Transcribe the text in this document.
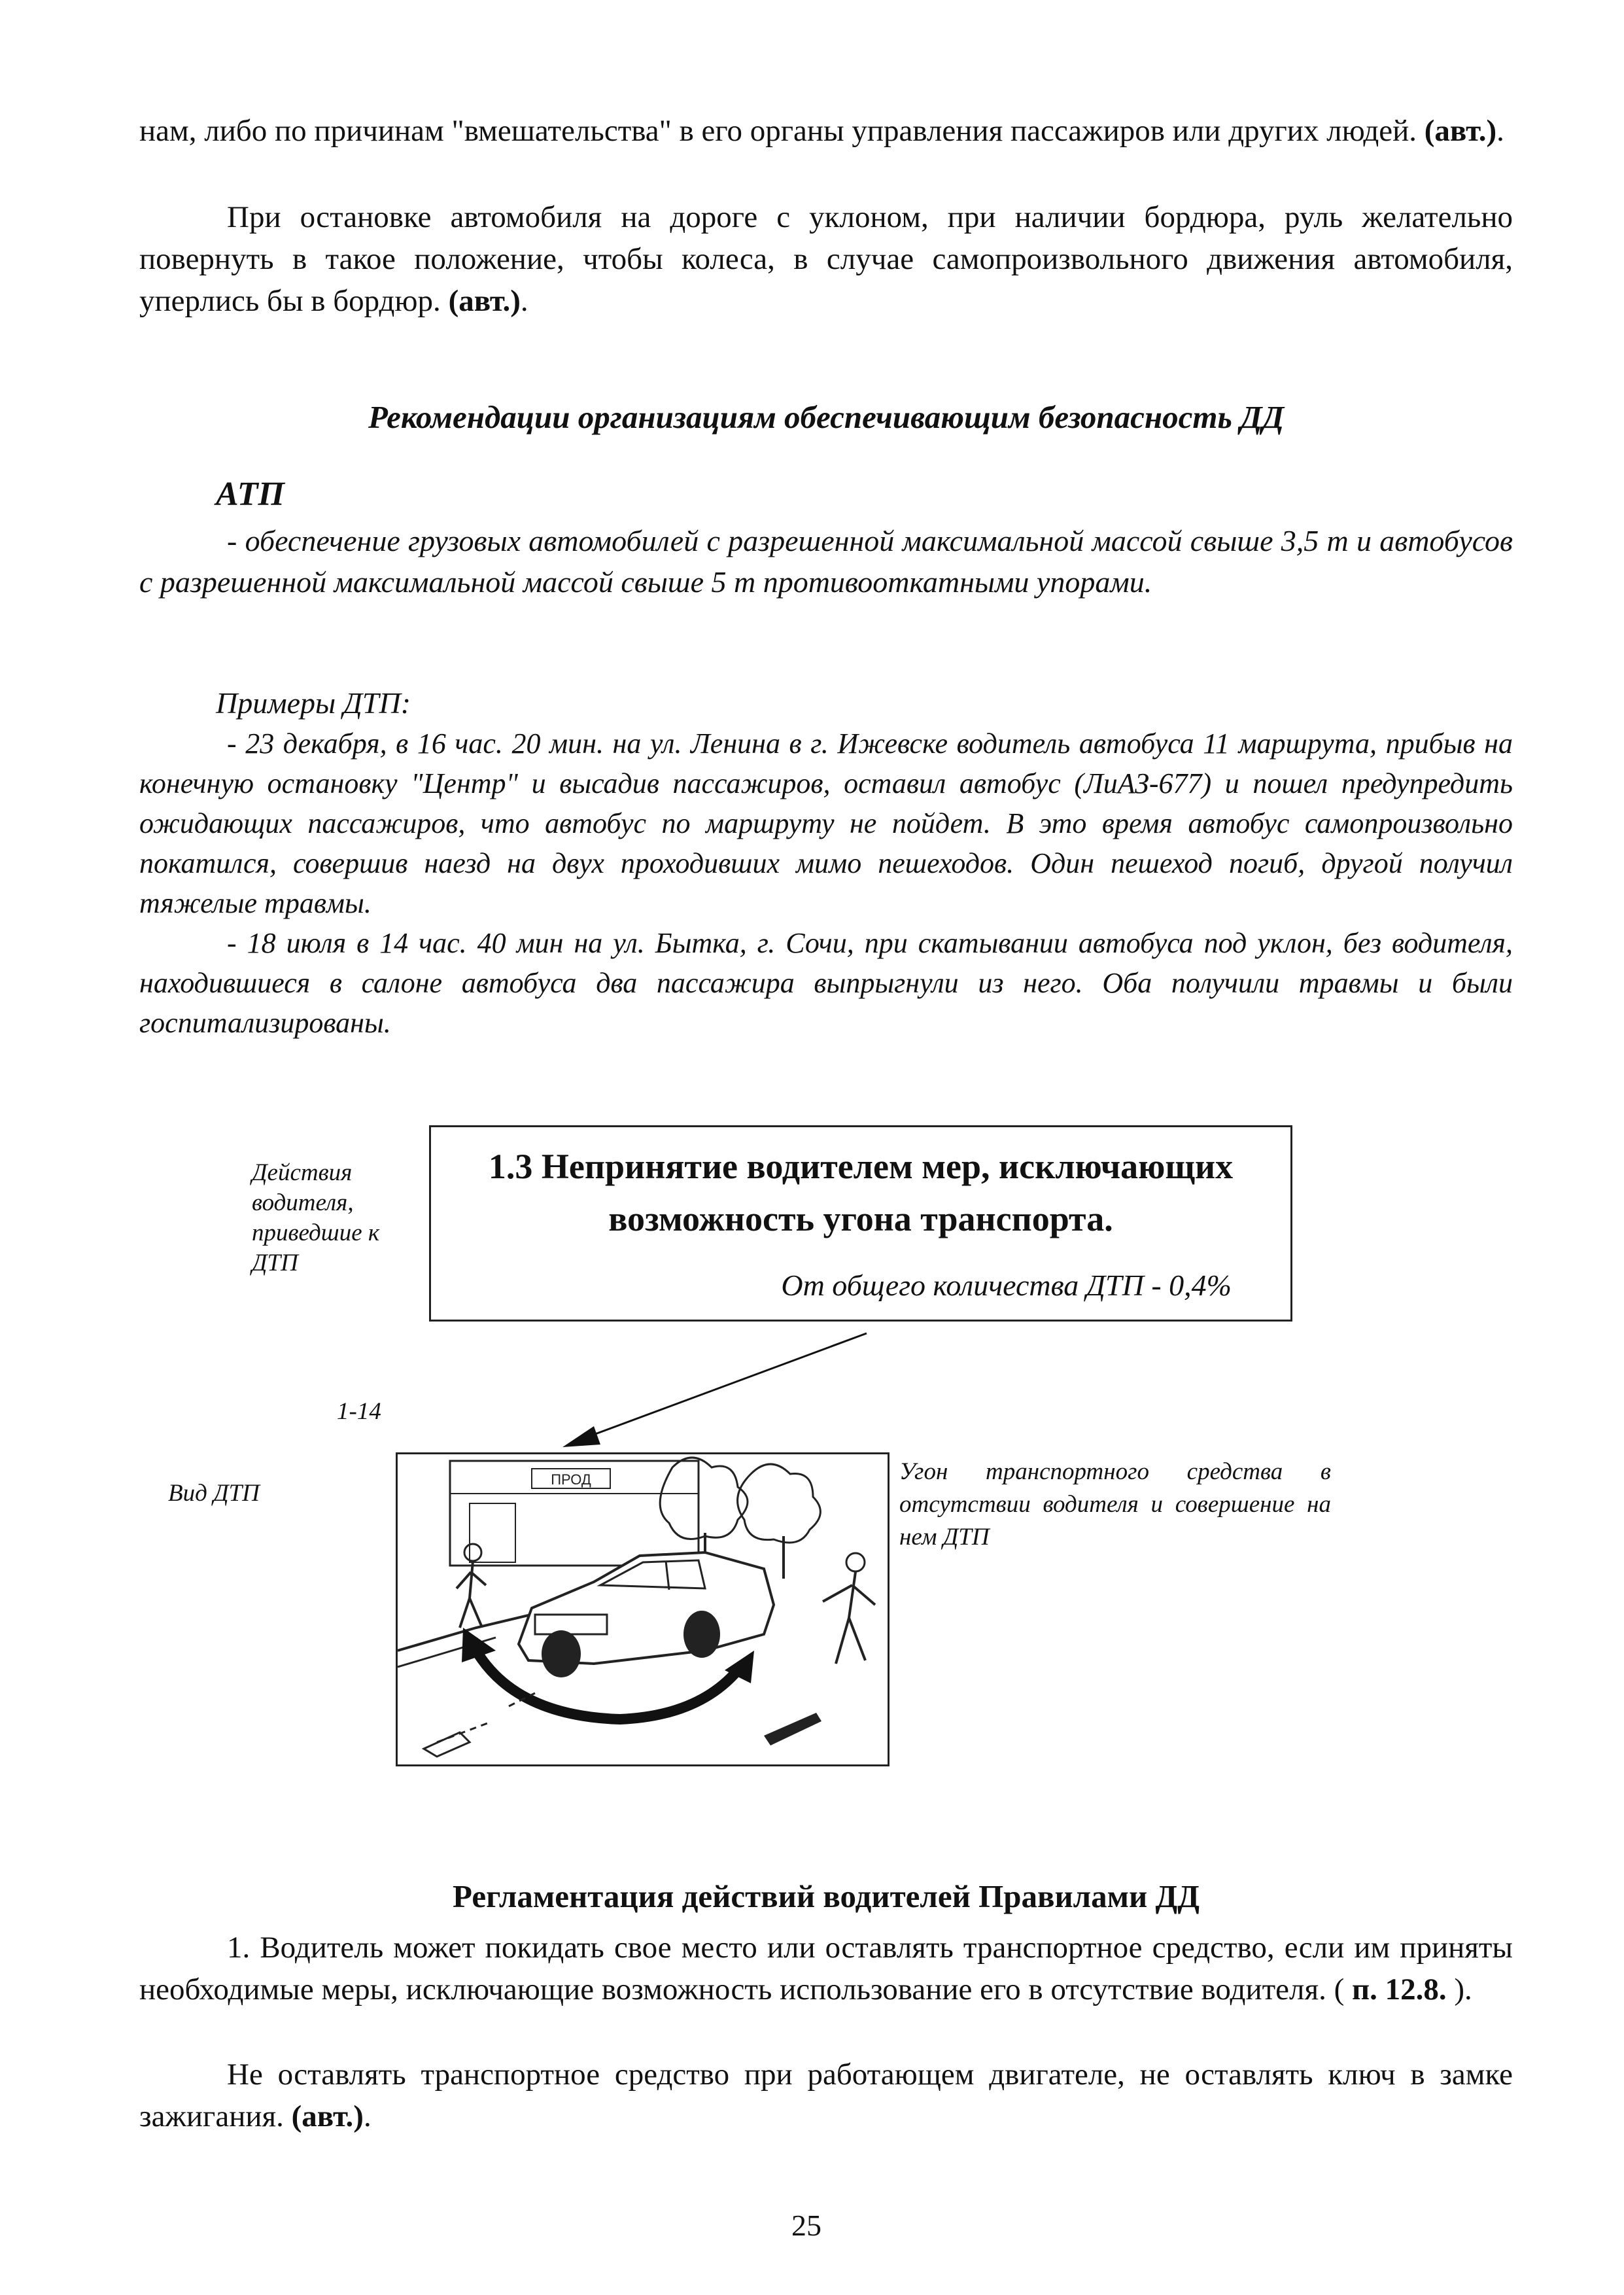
нам, либо по причинам "вмешательства" в его органы управления пассажиров или других людей. (авт.).

При остановке автомобиля на дороге с уклоном, при наличии бордюра, руль желательно повернуть в такое положение, чтобы колеса, в случае самопроизвольного движения автомобиля, уперлись бы в бордюр. (авт.).

Рекомендации организациям обеспечивающим безопасность ДД
АТП

- обеспечение грузовых автомобилей с разрешенной максимальной массой свыше 3,5 т и автобусов с разрешенной максимальной массой свыше 5 т противооткатными упорами.

Примеры ДТП:

- 23 декабря, в 16 час. 20 мин. на ул. Ленина в г. Ижевске водитель автобуса 11 маршрута, прибыв на конечную остановку "Центр" и высадив пассажиров, оставил автобус (ЛиАЗ-677) и пошел предупредить ожидающих пассажиров, что автобус по маршруту не пойдет. В это время автобус самопроизвольно покатился, совершив наезд на двух проходивших мимо пешеходов. Один пешеход погиб, другой получил тяжелые травмы.

- 18 июля в 14 час. 40 мин на ул. Бытка, г. Сочи, при скатывании автобуса под уклон, без водителя, находившиеся в салоне автобуса два пассажира выпрыгнули из него. Оба получили травмы и были госпитализированы.

Действия водителя, приведшие к ДТП
1.3 Непринятие водителем мер, исключающих
возможность угона транспорта.
От общего количества ДТП - 0,4%
1-14
Вид ДТП
ПРОД	Угон транспортного средства в отсутствии водителя и совершение на нем ДТП
Регламентация действий водителей Правилами ДД

1. Водитель может покидать свое место или оставлять транспортное средство, если им приняты необходимые меры, исключающие возможность использование его в отсутствие водителя. ( п. 12.8. ).

Не оставлять транспортное средство при работающем двигателе, не оставлять ключ в замке зажигания. (авт.).

25
